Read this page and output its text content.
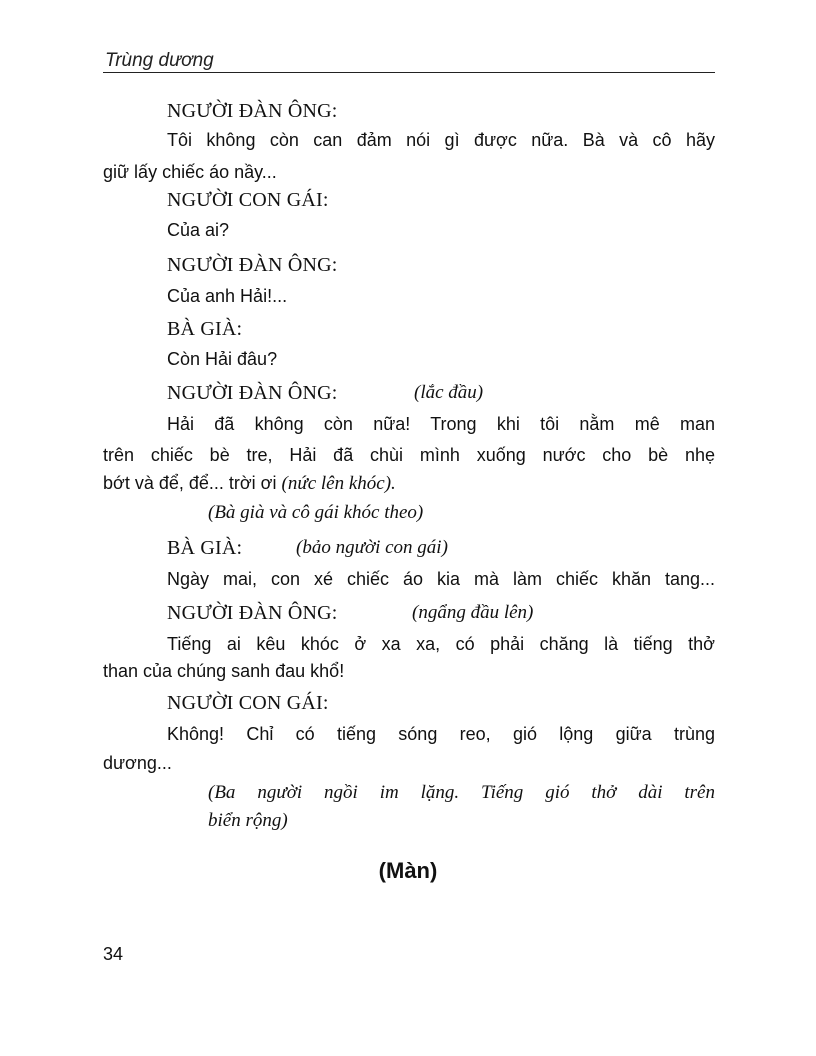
Trùng dương
NGƯỜI ĐÀN ÔNG:
Tôi không còn can đảm nói gì được nữa. Bà và cô hãy
giữ lấy chiếc áo nầy...
NGƯỜI CON GÁI:
Của ai?
NGƯỜI ĐÀN ÔNG:
Của anh Hải!...
BÀ GIÀ:
Còn Hải đâu?
NGƯỜI ĐÀN ÔNG:	(lắc đầu)
Hải đã không còn nữa! Trong khi tôi nằm mê man
trên chiếc bè tre, Hải đã chùi mình xuống nước cho bè nhẹ
bớt và để, để... trời ơi (nức lên khóc).
(Bà già và cô gái khóc theo)
BÀ GIÀ:	(bảo người con gái)
Ngày mai, con xé chiếc áo kia mà làm chiếc khăn tang...
NGƯỜI ĐÀN ÔNG:	(ngẩng đầu lên)
Tiếng ai kêu khóc ở xa xa, có phải chăng là tiếng thở
than của chúng sanh đau khổ!
NGƯỜI CON GÁI:
Không! Chỉ có tiếng sóng reo, gió lộng giữa trùng
dương...
(Ba người ngồi im lặng. Tiếng gió thở dài trên
biển rộng)
(Màn)
34
